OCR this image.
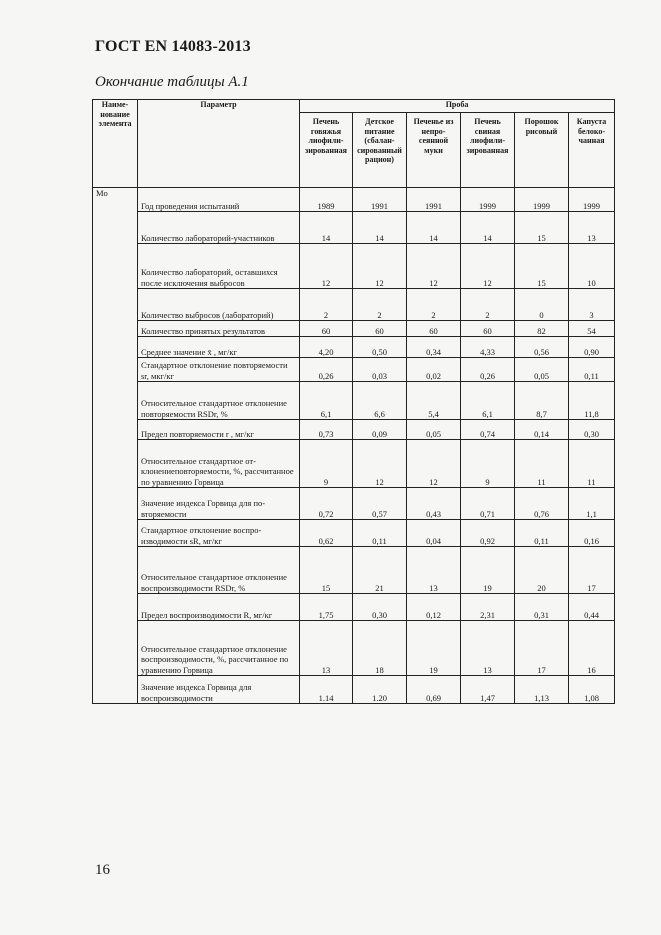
ГОСТ EN 14083-2013
Окончание таблицы А.1
Наименование элемента	Параметр	Проба					
		Печень говяжья лиофилизированная	Детское питание (сбалансированный рацион)	Печенье из непросеянной муки	Печень свиная лиофилизированная	Порошок рисовый	Капуста белокочанная
Mo	Год проведения испытаний	1989	1991	1991	1999	1999	1999
	Количество лабораторий-участников	14	14	14	14	15	13
	Количество лабораторий, оставшихся после исключения выбросов	12	12	12	12	15	10
	Количество выбросов (лабораторий)	2	2	2	2	0	3
	Количество принятых результатов	60	60	60	60	82	54
	Среднее значение x̄ , мг/кг	4,20	0,50	0,34	4,33	0,56	0,90
	Стандартное отклонение повторяемости sr, мкг/кг	0,26	0,03	0,02	0,26	0,05	0,11
	Относительное стандартное отклонение повторяемости RSDr, %	6,1	6,6	5,4	6,1	8,7	11,8
	Предел повторяемости r , мг/кг	0,73	0,09	0,05	0,74	0,14	0,30
	Относительное стандартное отклонениеповторяемости, %, рассчитанное по уравнению Горвица	9	12	12	9	11	11
	Значение индекса Горвица для повторяемости	0,72	0,57	0,43	0,71	0,76	1,1
	Стандартное отклонение воспроизводимости sR, мг/кг	0,62	0,11	0,04	0,92	0,11	0,16
	Относительное стандартное отклонение воспроизводимости RSDr, %	15	21	13	19	20	17
	Предел воспроизводимости R, мг/кг	1,75	0,30	0,12	2,31	0,31	0,44
	Относительное стандартное отклонение воспроизводимости, %, рассчитанное по уравнению Горвица	13	18	19	13	17	16
	Значение индекса Горвица для воспроизводимости	1.14	1.20	0,69	1,47	1,13	1,08
16
